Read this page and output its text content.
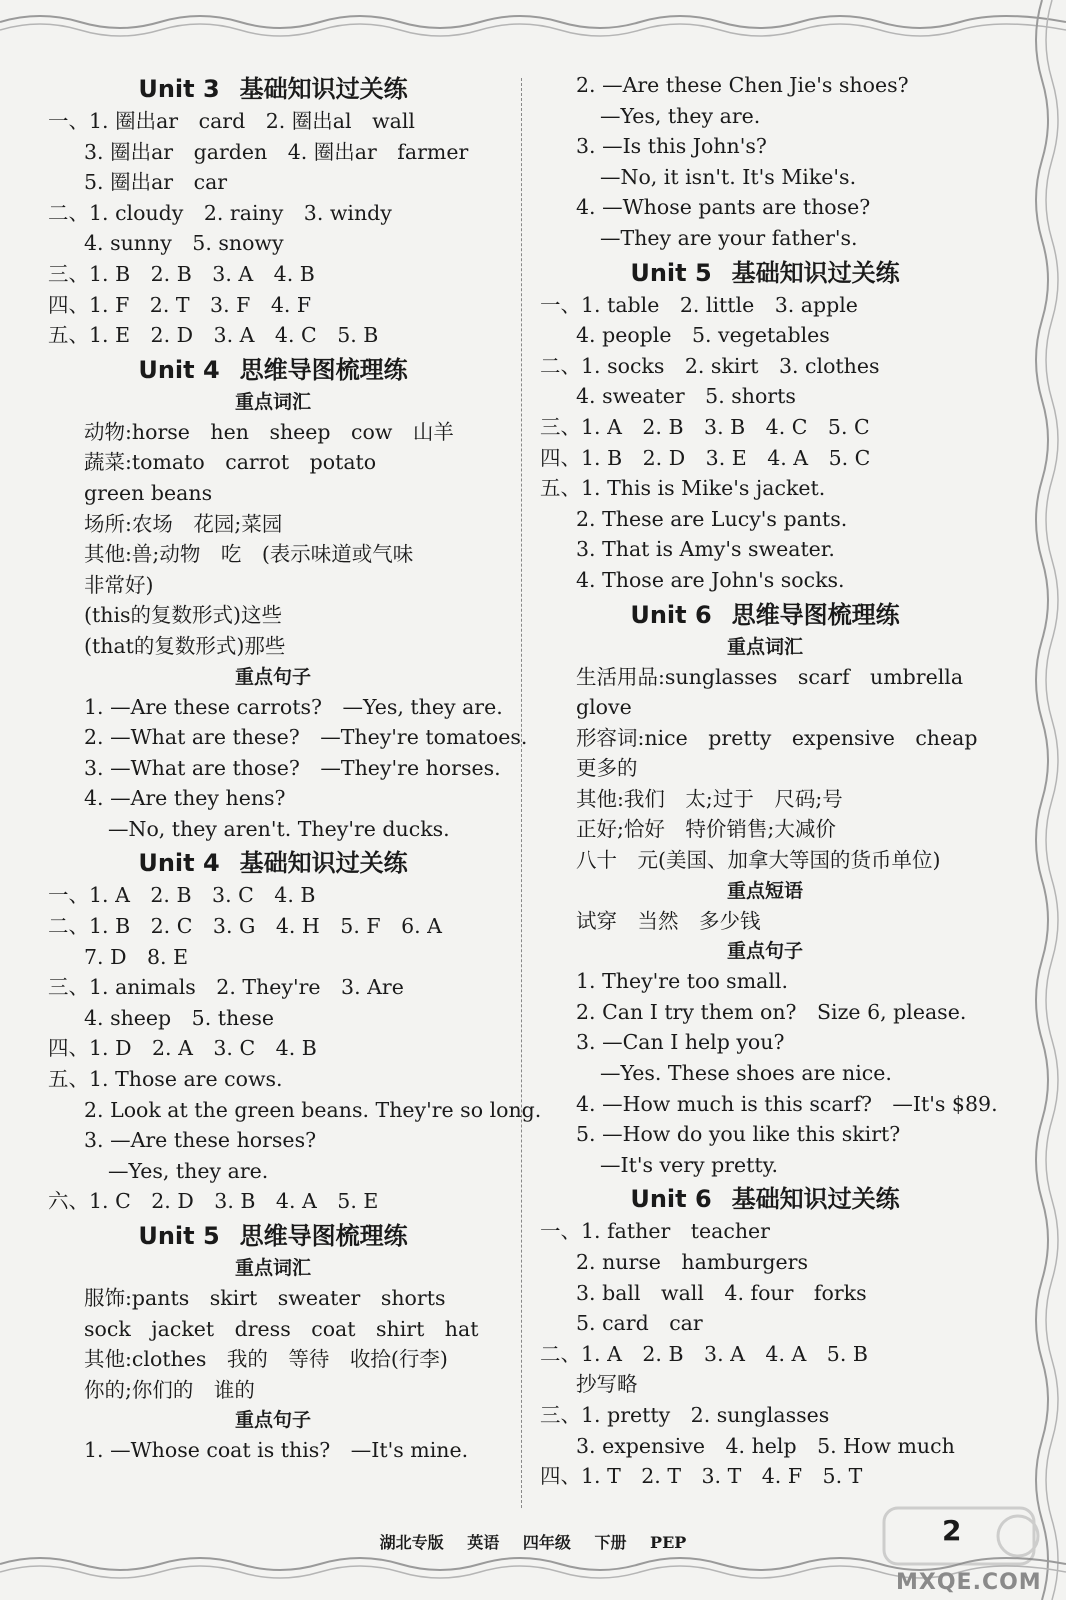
Unit 3 基础知识过关练
一、1. 圈出ar　card　2. 圈出al　wall
3. 圈出ar　garden　4. 圈出ar　farmer
5. 圈出ar　car
二、1. cloudy　2. rainy　3. windy
4. sunny　5. snowy
三、1. B　2. B　3. A　4. B
四、1. F　2. T　3. F　4. F
五、1. E　2. D　3. A　4. C　5. B
Unit 4 思维导图梳理练
重点词汇
动物:horse　hen　sheep　cow　山羊
蔬菜:tomato　carrot　potato
green beans
场所:农场　花园;菜园
其他:兽;动物　吃　(表示味道或气味
非常好)
(this的复数形式)这些
(that的复数形式)那些
重点句子
1. —Are these carrots?　—Yes, they are.
2. —What are these?　—They're tomatoes.
3. —What are those?　—They're horses.
4. —Are they hens?
—No, they aren't. They're ducks.
Unit 4 基础知识过关练
一、1. A　2. B　3. C　4. B
二、1. B　2. C　3. G　4. H　5. F　6. A
7. D　8. E
三、1. animals　2. They're　3. Are
4. sheep　5. these
四、1. D　2. A　3. C　4. B
五、1. Those are cows.
2. Look at the green beans. They're so long.
3. —Are these horses?
—Yes, they are.
六、1. C　2. D　3. B　4. A　5. E
Unit 5 思维导图梳理练
重点词汇
服饰:pants　skirt　sweater　shorts
sock　jacket　dress　coat　shirt　hat
其他:clothes　我的　等待　收拾(行李)
你的;你们的　谁的
重点句子
1. —Whose coat is this?　—It's mine.
2. —Are these Chen Jie's shoes?
—Yes, they are.
3. —Is this John's?
—No, it isn't. It's Mike's.
4. —Whose pants are those?
—They are your father's.
Unit 5 基础知识过关练
一、1. table　2. little　3. apple
4. people　5. vegetables
二、1. socks　2. skirt　3. clothes
4. sweater　5. shorts
三、1. A　2. B　3. B　4. C　5. C
四、1. B　2. D　3. E　4. A　5. C
五、1. This is Mike's jacket.
2. These are Lucy's pants.
3. That is Amy's sweater.
4. Those are John's socks.
Unit 6 思维导图梳理练
重点词汇
生活用品:sunglasses　scarf　umbrella
glove
形容词:nice　pretty　expensive　cheap
更多的
其他:我们　太;过于　尺码;号
正好;恰好　特价销售;大减价
八十　元(美国、加拿大等国的货币单位)
重点短语
试穿　当然　多少钱
重点句子
1. They're too small.
2. Can I try them on?　Size 6, please.
3. —Can I help you?
—Yes. These shoes are nice.
4. —How much is this scarf?　—It's $89.
5. —How do you like this skirt?
—It's very pretty.
Unit 6 基础知识过关练
一、1. father　teacher
2. nurse　hamburgers
3. ball　wall　4. four　forks
5. card　car
二、1. A　2. B　3. A　4. A　5. B
抄写略
三、1. pretty　2. sunglasses
3. expensive　4. help　5. How much
四、1. T　2. T　3. T　4. F　5. T
湖北专版 英语 四年级 下册 PEP	2
MXQE.COM
